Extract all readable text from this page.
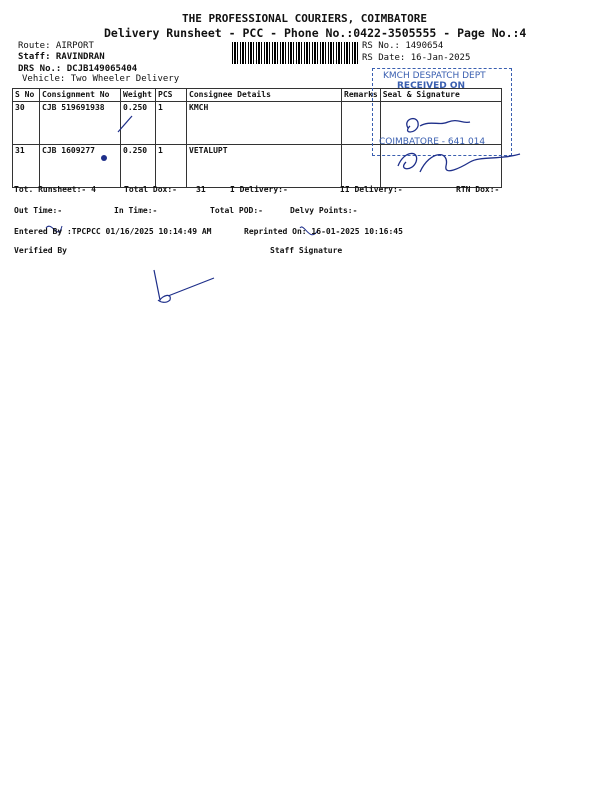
THE PROFESSIONAL COURIERS, COIMBATORE
Delivery Runsheet - PCC - Phone No.:0422-3505555 - Page No.:4
Route: AIRPORT
Staff: RAVINDRAN
DRS No.: DCJB149065404
Vehicle: Two Wheeler Delivery
RS No.: 1490654
RS Date: 16-Jan-2025
S No	Consignment No	Weight	PCS	Consignee Details	Remarks	Seal & Signature
30	CJB 519691938	0.250	1	KMCH		
31	CJB 1609277	0.250	1	VETALUPT		
KMCH DESPATCH DEPT
RECEIVED ON
COIMBATORE - 641 014
Tot. Runsheet:- 4	Total Dox:- 31	I Delivery:-	II Delivery:-	RTN Dox:-
Out Time:-	In Time:-	Total POD:-	Delvy Points:-
Entered By :TPCPCC 01/16/2025 10:14:49 AM	Reprinted On: 16-01-2025 10:16:45
Verified By	Staff Signature
